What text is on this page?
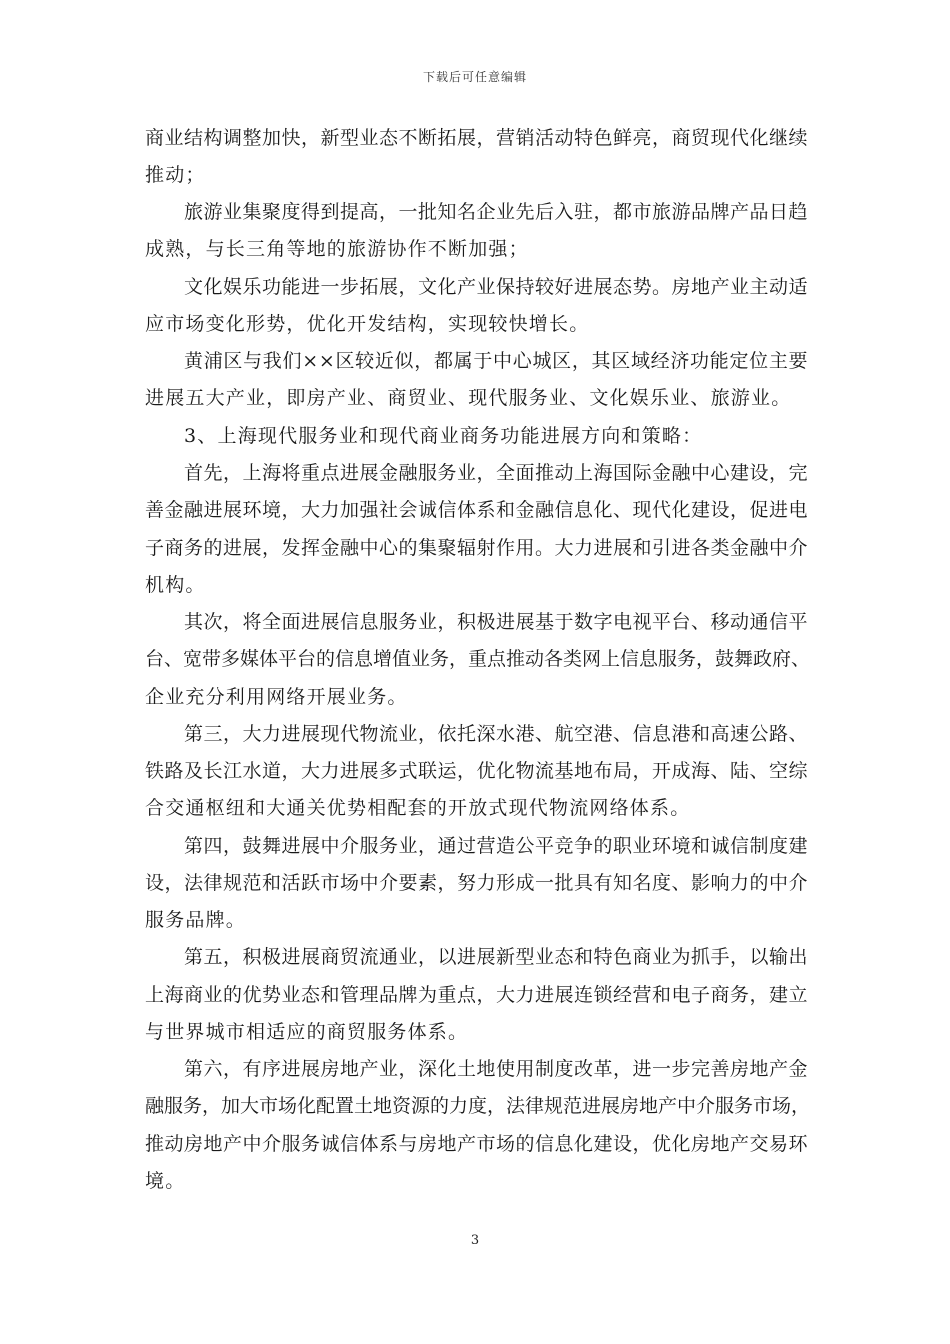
下载后可任意编辑
商业结构调整加快，新型业态不断拓展，营销活动特色鲜亮，商贸现代化继续
推动；
旅游业集聚度得到提高，一批知名企业先后入驻，都市旅游品牌产品日趋
成熟，与长三角等地的旅游协作不断加强；
文化娱乐功能进一步拓展，文化产业保持较好进展态势。房地产业主动适
应市场变化形势，优化开发结构，实现较快增长。
黄浦区与我们××区较近似，都属于中心城区，其区域经济功能定位主要
进展五大产业，即房产业、商贸业、现代服务业、文化娱乐业、旅游业。
3、上海现代服务业和现代商业商务功能进展方向和策略：
首先，上海将重点进展金融服务业，全面推动上海国际金融中心建设，完
善金融进展环境，大力加强社会诚信体系和金融信息化、现代化建设，促进电
子商务的进展，发挥金融中心的集聚辐射作用。大力进展和引进各类金融中介
机构。
其次，将全面进展信息服务业，积极进展基于数字电视平台、移动通信平
台、宽带多媒体平台的信息增值业务，重点推动各类网上信息服务，鼓舞政府、
企业充分利用网络开展业务。
第三，大力进展现代物流业，依托深水港、航空港、信息港和高速公路、
铁路及长江水道，大力进展多式联运，优化物流基地布局，开成海、陆、空综
合交通枢纽和大通关优势相配套的开放式现代物流网络体系。
第四，鼓舞进展中介服务业，通过营造公平竞争的职业环境和诚信制度建
设，法律规范和活跃市场中介要素，努力形成一批具有知名度、影响力的中介
服务品牌。
第五，积极进展商贸流通业，以进展新型业态和特色商业为抓手，以输出
上海商业的优势业态和管理品牌为重点，大力进展连锁经营和电子商务，建立
与世界城市相适应的商贸服务体系。
第六，有序进展房地产业，深化土地使用制度改革，进一步完善房地产金
融服务，加大市场化配置土地资源的力度，法律规范进展房地产中介服务市场，
推动房地产中介服务诚信体系与房地产市场的信息化建设，优化房地产交易环
境。
3
